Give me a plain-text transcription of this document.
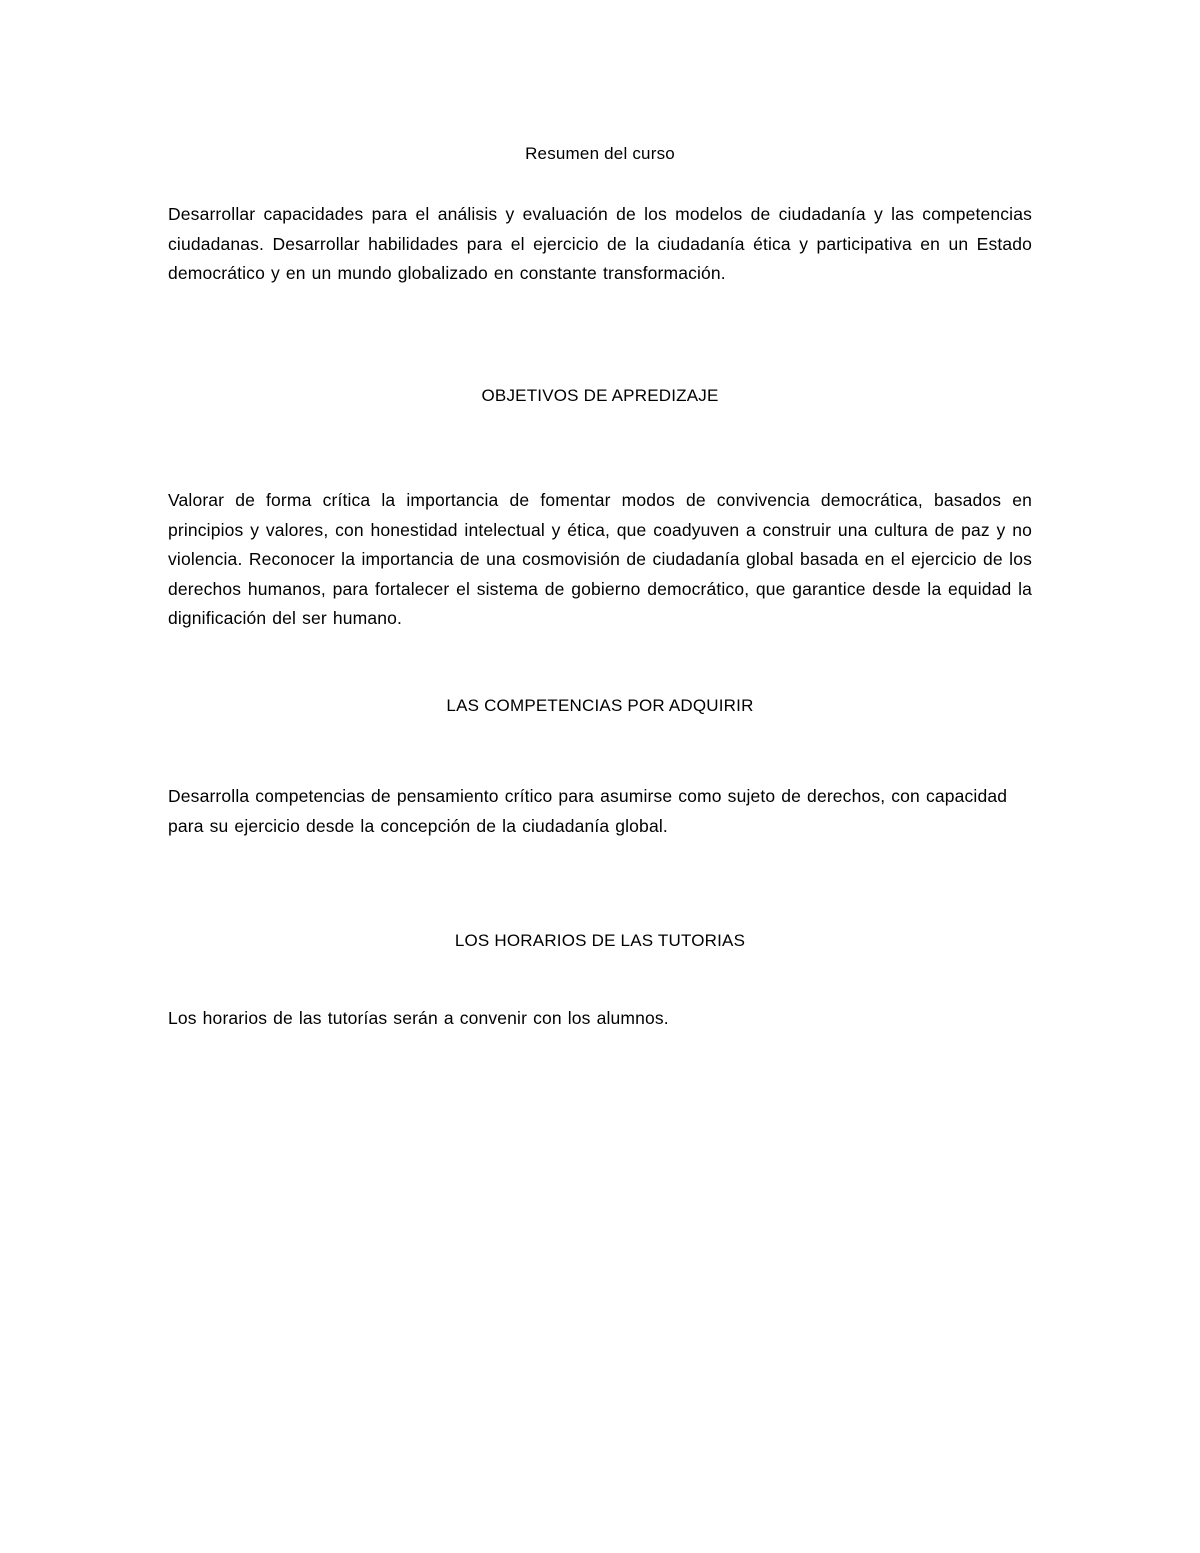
Resumen del curso

Desarrollar capacidades para el análisis y evaluación de los modelos de ciudadanía y las competencias ciudadanas. Desarrollar habilidades para el ejercicio de la ciudadanía ética y participativa en un Estado democrático y en un mundo globalizado en constante transformación.

OBJETIVOS DE APREDIZAJE

Valorar de forma crítica la importancia de fomentar modos de convivencia democrática, basados en principios y valores, con honestidad intelectual y ética, que coadyuven a construir una cultura de paz y no violencia. Reconocer la importancia de una cosmovisión de ciudadanía global basada en el ejercicio de los derechos humanos, para fortalecer el sistema de gobierno democrático, que garantice desde la equidad la dignificación del ser humano.

LAS COMPETENCIAS POR ADQUIRIR

Desarrolla competencias de pensamiento crítico para asumirse como sujeto de derechos, con capacidad para su ejercicio desde la concepción de la ciudadanía global.

LOS HORARIOS DE LAS TUTORIAS

Los horarios de las tutorías serán a convenir con los alumnos.
